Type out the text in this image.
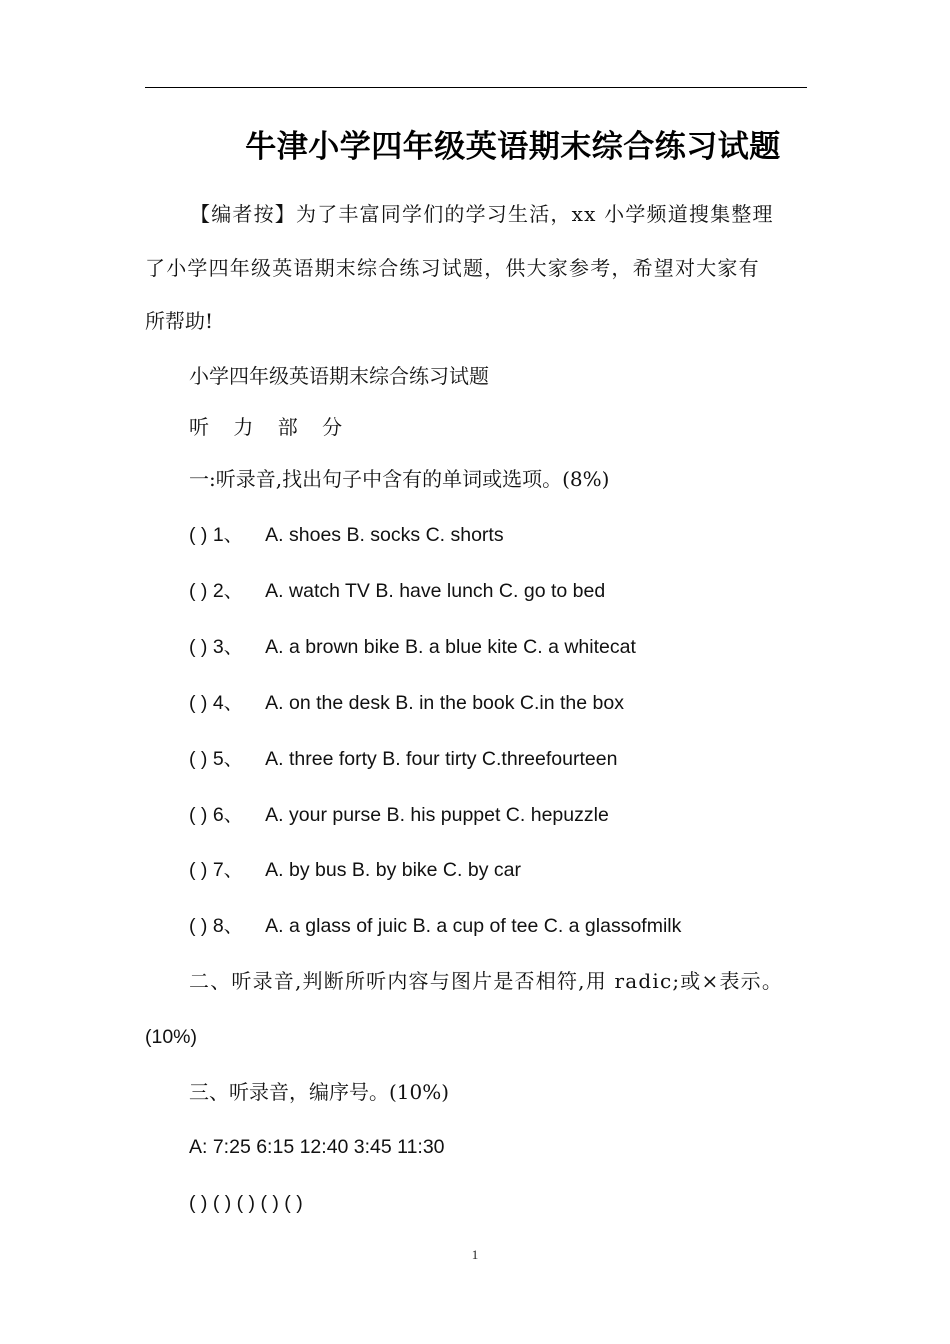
牛津小学四年级英语期末综合练习试题
【编者按】为了丰富同学们的学习生活，xx 小学频道搜集整理
了小学四年级英语期末综合练习试题，供大家参考，希望对大家有
所帮助!
小学四年级英语期末综合练习试题
听 力 部 分
一:听录音,找出句子中含有的单词或选项。(8%)
( ) 1、 A. shoes B. socks C. shorts
( ) 2、 A. watch TV B. have lunch C. go to bed
( ) 3、 A. a brown bike B. a blue kite C. a whitecat
( ) 4、 A. on the desk B. in the book C.in the box
( ) 5、 A. three forty B. four tirty C.threefourteen
( ) 6、 A. your purse B. his puppet C. hepuzzle
( ) 7、 A. by bus B. by bike C. by car
( ) 8、 A. a glass of juic B. a cup of tee C. a glassofmilk
二、听录音,判断所听内容与图片是否相符,用 radic;或×表示。
(10%)
三、听录音，编序号。(10%)
A: 7:25 6:15 12:40 3:45 11:30
( ) ( ) ( ) ( ) ( )
1
